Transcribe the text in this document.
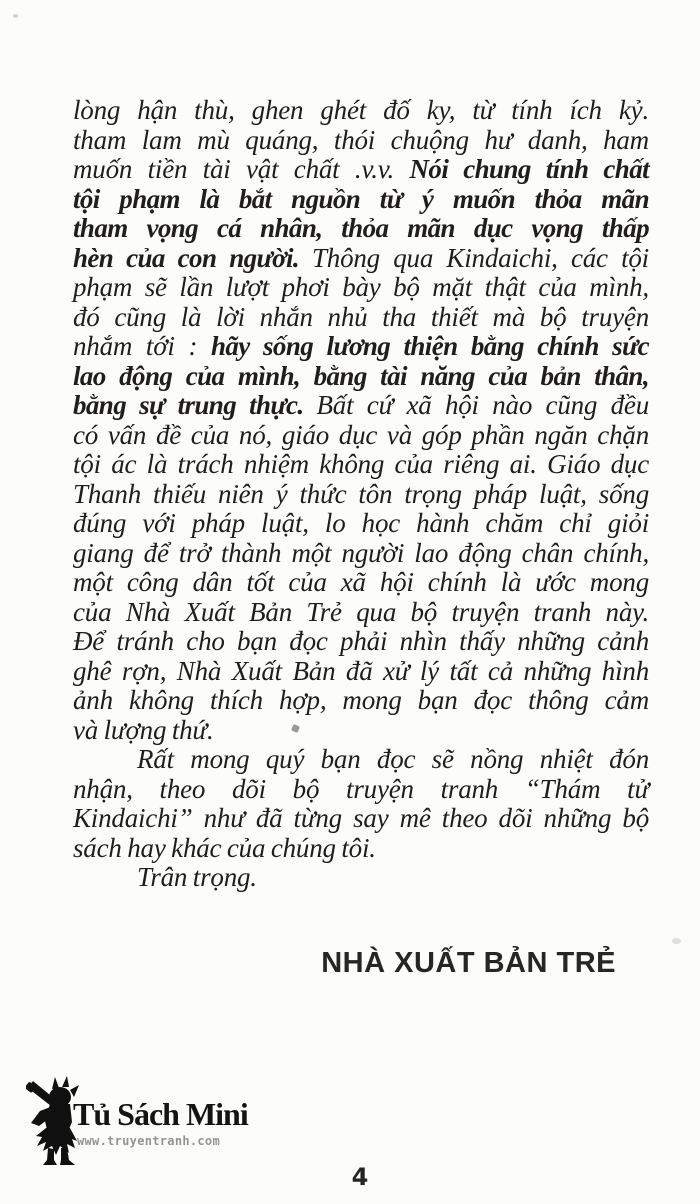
lòng hận thù, ghen ghét đố ky, từ tính ích kỷ.
tham lam mù quáng, thói chuộng hư danh, ham
muốn tiền tài vật chất .v.v. Nói chung tính chất
tội phạm là bắt nguồn từ ý muốn thỏa mãn
tham vọng cá nhân, thỏa mãn dục vọng thấp
hèn của con người. Thông qua Kindaichi, các tội
phạm sẽ lần lượt phơi bày bộ mặt thật của mình,
đó cũng là lời nhắn nhủ tha thiết mà bộ truyện
nhắm tới : hãy sống lương thiện bằng chính sức
lao động của mình, bằng tài năng của bản thân,
bằng sự trung thực. Bất cứ xã hội nào cũng đều
có vấn đề của nó, giáo dục và góp phần ngăn chặn
tội ác là trách nhiệm không của riêng ai. Giáo dục
Thanh thiếu niên ý thức tôn trọng pháp luật, sống
đúng với pháp luật, lo học hành chăm chỉ giỏi
giang để trở thành một người lao động chân chính,
một công dân tốt của xã hội chính là ước mong
của Nhà Xuất Bản Trẻ qua bộ truyện tranh này.
Để tránh cho bạn đọc phải nhìn thấy những cảnh
ghê rợn, Nhà Xuất Bản đã xử lý tất cả những hình
ảnh không thích hợp, mong bạn đọc thông cảm
và lượng thứ.
Rất mong quý bạn đọc sẽ nồng nhiệt đón
nhận, theo dõi bộ truyện tranh “Thám tử
Kindaichi” như đã từng say mê theo dõi những bộ
sách hay khác của chúng tôi.
Trân trọng.
NHÀ XUẤT BẢN TRẺ
Tủ Sách Mini
www.truyentranh.com
4
